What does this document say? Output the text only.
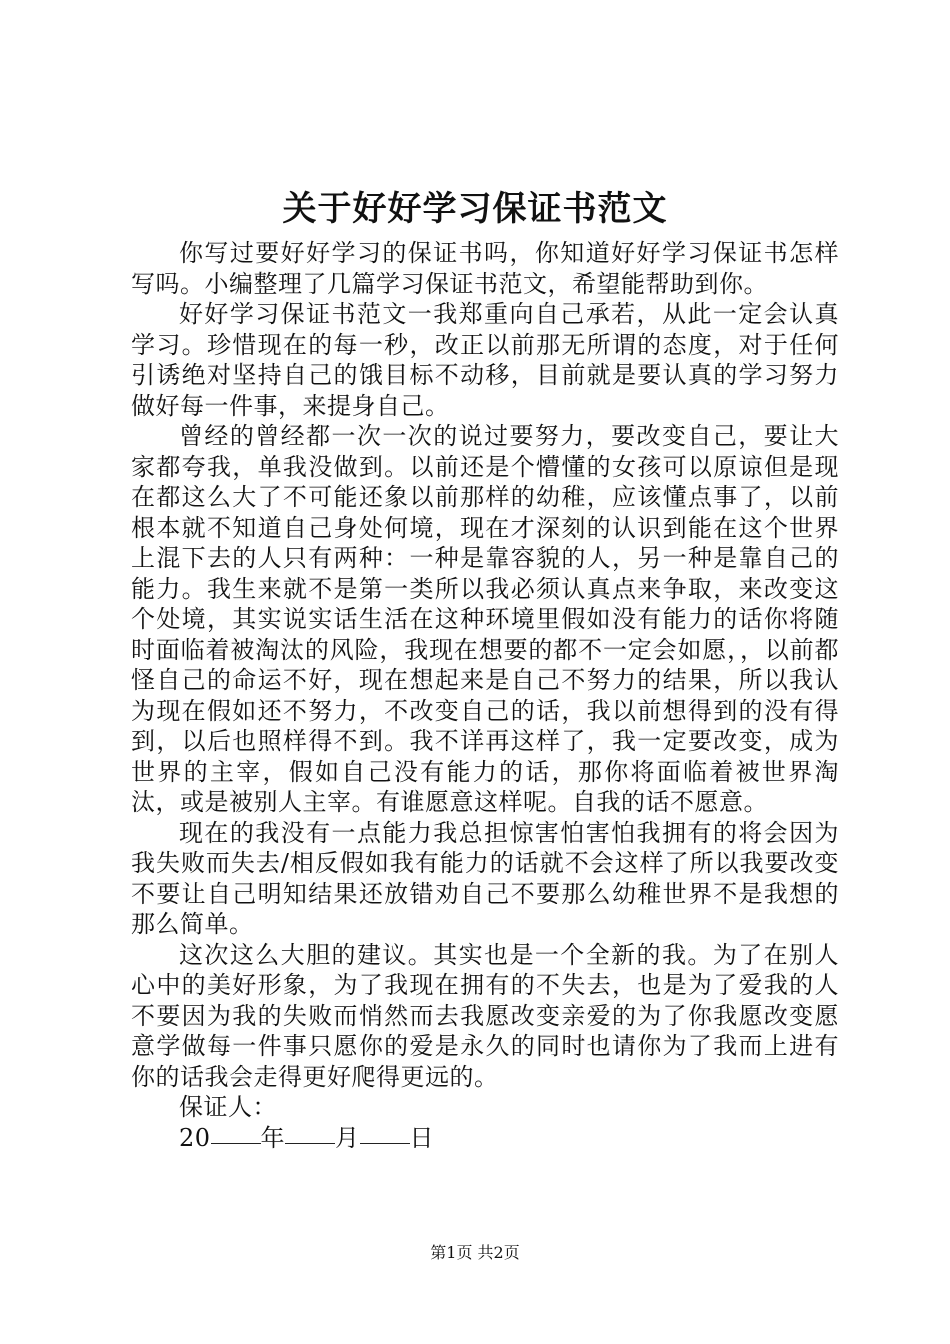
关于好好学习保证书范文

你写过要好好学习的保证书吗，你知道好好学习保证书怎样写吗。小编整理了几篇学习保证书范文，希望能帮助到你。

好好学习保证书范文一我郑重向自己承若，从此一定会认真学习。珍惜现在的每一秒，改正以前那无所谓的态度，对于任何引诱绝对坚持自己的饿目标不动移，目前就是要认真的学习努力做好每一件事，来提身自己。

曾经的曾经都一次一次的说过要努力，要改变自己，要让大家都夸我，单我没做到。以前还是个懵懂的女孩可以原谅但是现在都这么大了不可能还象以前那样的幼稚，应该懂点事了，以前根本就不知道自己身处何境，现在才深刻的认识到能在这个世界上混下去的人只有两种：一种是靠容貌的人，另一种是靠自己的能力。我生来就不是第一类所以我必须认真点来争取，来改变这个处境，其实说实话生活在这种环境里假如没有能力的话你将随时面临着被淘汰的风险，我现在想要的都不一定会如愿，，以前都怪自己的命运不好，现在想起来是自己不努力的结果，所以我认为现在假如还不努力，不改变自己的话，我以前想得到的没有得到，以后也照样得不到。我不详再这样了，我一定要改变，成为世界的主宰，假如自己没有能力的话，那你将面临着被世界淘汰，或是被别人主宰。有谁愿意这样呢。自我的话不愿意。

现在的我没有一点能力我总担惊害怕害怕我拥有的将会因为我失败而失去/相反假如我有能力的话就不会这样了所以我要改变不要让自己明知结果还放错劝自己不要那么幼稚世界不是我想的那么简单。

这次这么大胆的建议。其实也是一个全新的我。为了在别人心中的美好形象，为了我现在拥有的不失去，也是为了爱我的人不要因为我的失败而悄然而去我愿改变亲爱的为了你我愿改变愿意学做每一件事只愿你的爱是永久的同时也请你为了我而上进有你的话我会走得更好爬得更远的。

保证人：

20 年 月 日

第1页 共2页
